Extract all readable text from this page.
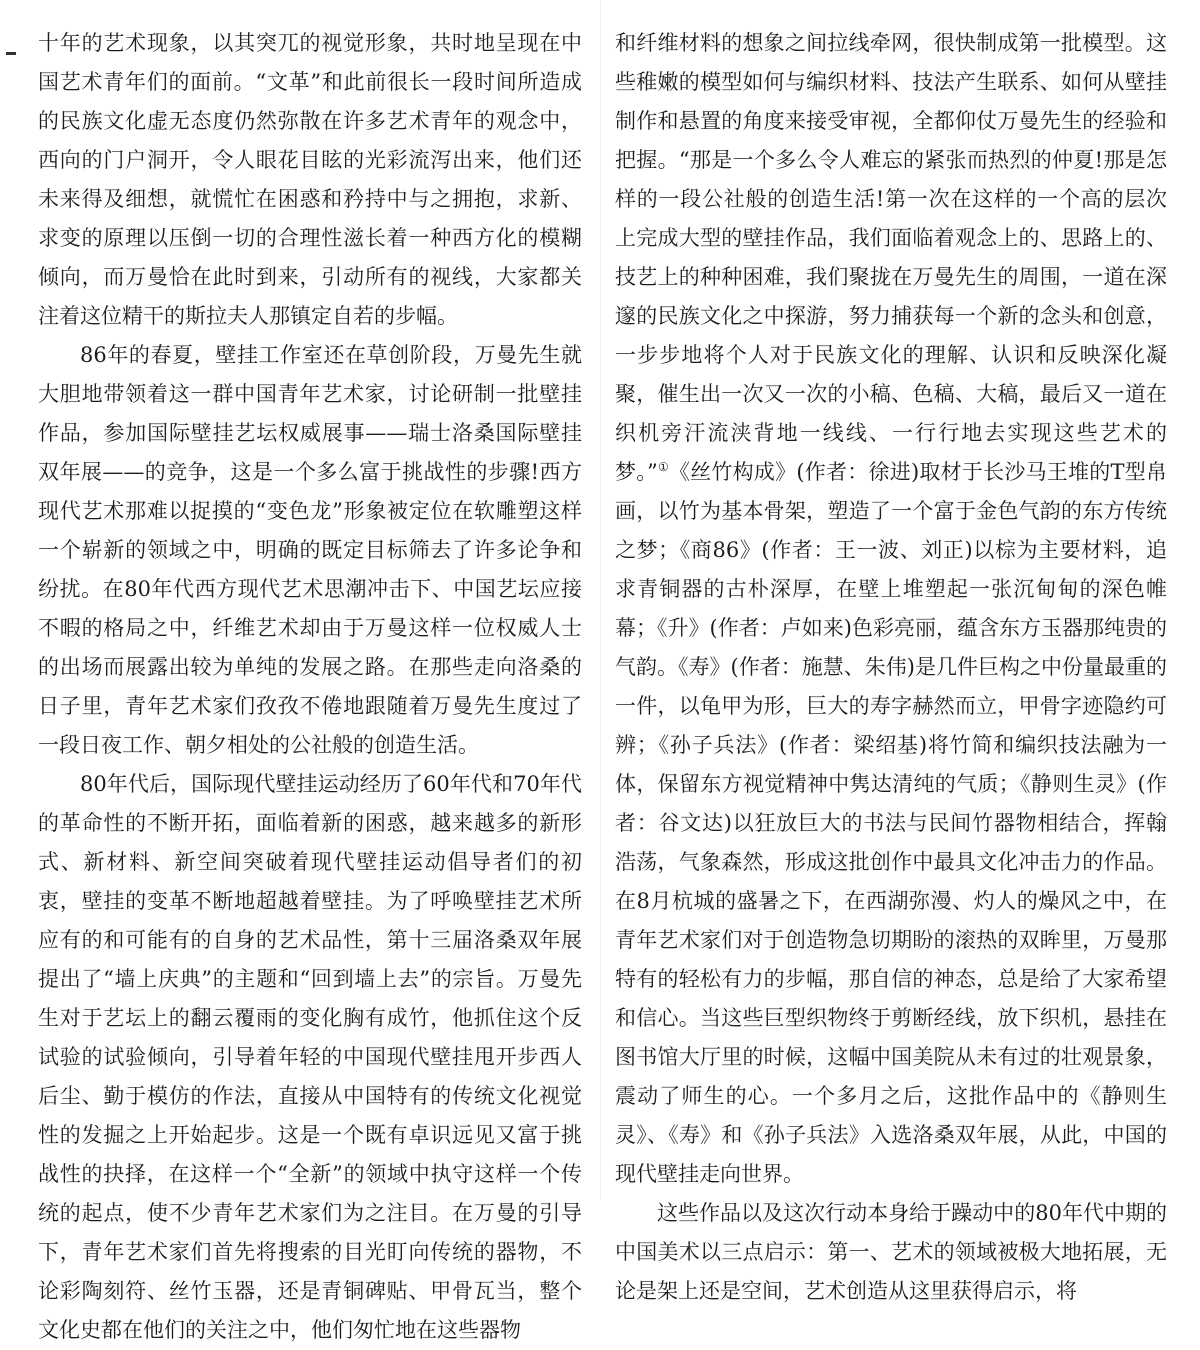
十年的艺术现象，以其突兀的视觉形象，共时地呈现在中国艺术青年们的面前。“文革”和此前很长一段时间所造成的民族文化虚无态度仍然弥散在许多艺术青年的观念中，西向的门户洞开，令人眼花目眩的光彩流泻出来，他们还未来得及细想，就慌忙在困惑和矜持中与之拥抱，求新、求变的原理以压倒一切的合理性滋长着一种西方化的模糊倾向，而万曼恰在此时到来，引动所有的视线，大家都关注着这位精干的斯拉夫人那镇定自若的步幅。

86年的春夏，壁挂工作室还在草创阶段，万曼先生就大胆地带领着这一群中国青年艺术家，讨论研制一批壁挂作品，参加国际壁挂艺坛权威展事——瑞士洛桑国际壁挂双年展——的竞争，这是一个多么富于挑战性的步骤!西方现代艺术那难以捉摸的“变色龙”形象被定位在软雕塑这样一个崭新的领域之中，明确的既定目标筛去了许多论争和纷扰。在80年代西方现代艺术思潮冲击下、中国艺坛应接不暇的格局之中，纤维艺术却由于万曼这样一位权威人士的出场而展露出较为单纯的发展之路。在那些走向洛桑的日子里，青年艺术家们孜孜不倦地跟随着万曼先生度过了一段日夜工作、朝夕相处的公社般的创造生活。

80年代后，国际现代壁挂运动经历了60年代和70年代的革命性的不断开拓，面临着新的困惑，越来越多的新形式、新材料、新空间突破着现代壁挂运动倡导者们的初衷，壁挂的变革不断地超越着壁挂。为了呼唤壁挂艺术所应有的和可能有的自身的艺术品性，第十三届洛桑双年展提出了“墙上庆典”的主题和“回到墙上去”的宗旨。万曼先生对于艺坛上的翻云覆雨的变化胸有成竹，他抓住这个反试验的试验倾向，引导着年轻的中国现代壁挂甩开步西人后尘、勤于模仿的作法，直接从中国特有的传统文化视觉性的发掘之上开始起步。这是一个既有卓识远见又富于挑战性的抉择，在这样一个“全新”的领域中执守这样一个传统的起点，使不少青年艺术家们为之注目。在万曼的引导下，青年艺术家们首先将搜索的目光盯向传统的器物，不论彩陶刻符、丝竹玉器，还是青铜碑贴、甲骨瓦当，整个文化史都在他们的关注之中，他们匆忙地在这些器物

和纤维材料的想象之间拉线牵网，很快制成第一批模型。这些稚嫩的模型如何与编织材料、技法产生联系、如何从壁挂制作和悬置的角度来接受审视，全都仰仗万曼先生的经验和把握。“那是一个多么令人难忘的紧张而热烈的仲夏!那是怎样的一段公社般的创造生活!第一次在这样的一个高的层次上完成大型的壁挂作品，我们面临着观念上的、思路上的、技艺上的种种困难，我们聚拢在万曼先生的周围，一道在深邃的民族文化之中探游，努力捕获每一个新的念头和创意，一步步地将个人对于民族文化的理解、认识和反映深化凝聚，催生出一次又一次的小稿、色稿、大稿，最后又一道在织机旁汗流浃背地一线线、一行行地去实现这些艺术的梦。”①《丝竹构成》(作者：徐进)取材于长沙马王堆的T型帛画，以竹为基本骨架，塑造了一个富于金色气韵的东方传统之梦；《商86》(作者：王一波、刘正)以棕为主要材料，追求青铜器的古朴深厚，在壁上堆塑起一张沉甸甸的深色帷幕；《升》(作者：卢如来)色彩亮丽，蕴含东方玉器那纯贵的气韵。《寿》(作者：施慧、朱伟)是几件巨构之中份量最重的一件，以龟甲为形，巨大的寿字赫然而立，甲骨字迹隐约可辨；《孙子兵法》(作者：梁绍基)将竹简和编织技法融为一体，保留东方视觉精神中隽达清纯的气质；《静则生灵》(作者：谷文达)以狂放巨大的书法与民间竹器物相结合，挥翰浩荡，气象森然，形成这批创作中最具文化冲击力的作品。在8月杭城的盛暑之下，在西湖弥漫、灼人的燥风之中，在青年艺术家们对于创造物急切期盼的滚热的双眸里，万曼那特有的轻松有力的步幅，那自信的神态，总是给了大家希望和信心。当这些巨型织物终于剪断经线，放下织机，悬挂在图书馆大厅里的时候，这幅中国美院从未有过的壮观景象，震动了师生的心。一个多月之后，这批作品中的《静则生灵》、《寿》和《孙子兵法》入选洛桑双年展，从此，中国的现代壁挂走向世界。

这些作品以及这次行动本身给于躁动中的80年代中期的中国美术以三点启示：第一、艺术的领域被极大地拓展，无论是架上还是空间，艺术创造从这里获得启示，将
